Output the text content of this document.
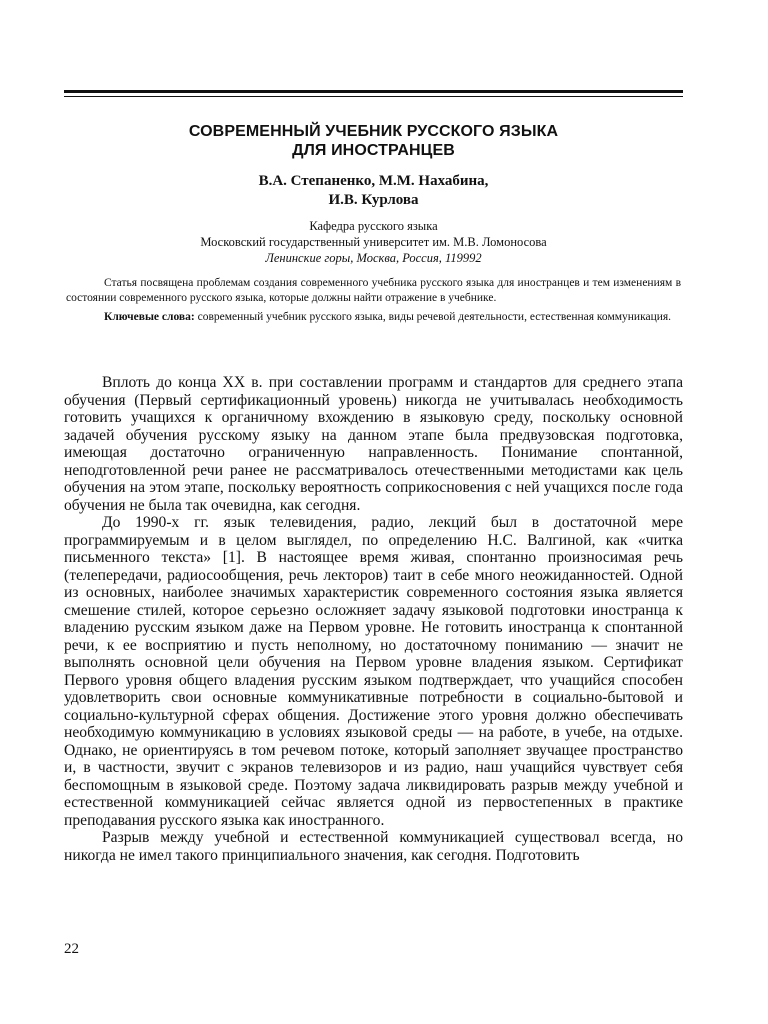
СОВРЕМЕННЫЙ УЧЕБНИК РУССКОГО ЯЗЫКА
ДЛЯ ИНОСТРАНЦЕВ
В.А. Степаненко, М.М. Нахабина,
И.В. Курлова
Кафедра русского языка
Московский государственный университет им. М.В. Ломоносова
Ленинские горы, Москва, Россия, 119992

Статья посвящена проблемам создания современного учебника русского языка для иностранцев и тем изменениям в состоянии современного русского языка, которые должны найти отражение в учебнике.

Ключевые слова: современный учебник русского языка, виды речевой деятельности, естественная коммуникация.

Вплоть до конца XX в. при составлении программ и стандартов для среднего этапа обучения (Первый сертификационный уровень) никогда не учитывалась необходимость готовить учащихся к органичному вхождению в языковую среду, поскольку основной задачей обучения русскому языку на данном этапе была предвузовская подготовка, имеющая достаточно ограниченную направленность. Понимание спонтанной, неподготовленной речи ранее не рассматривалось отечественными методистами как цель обучения на этом этапе, поскольку вероятность соприкосновения с ней учащихся после года обучения не была так очевидна, как сегодня.

До 1990-х гг. язык телевидения, радио, лекций был в достаточной мере программируемым и в целом выглядел, по определению Н.С. Валгиной, как «читка письменного текста» [1]. В настоящее время живая, спонтанно произносимая речь (телепередачи, радиосообщения, речь лекторов) таит в себе много неожиданностей. Одной из основных, наиболее значимых характеристик современного состояния языка является смешение стилей, которое серьезно осложняет задачу языковой подготовки иностранца к владению русским языком даже на Первом уровне. Не готовить иностранца к спонтанной речи, к ее восприятию и пусть неполному, но достаточному пониманию — значит не выполнять основной цели обучения на Первом уровне владения языком. Сертификат Первого уровня общего владения русским языком подтверждает, что учащийся способен удовлетворить свои основные коммуникативные потребности в социально-бытовой и социально-культурной сферах общения. Достижение этого уровня должно обеспечивать необходимую коммуникацию в условиях языковой среды — на работе, в учебе, на отдыхе. Однако, не ориентируясь в том речевом потоке, который заполняет звучащее пространство и, в частности, звучит с экранов телевизоров и из радио, наш учащийся чувствует себя беспомощным в языковой среде. Поэтому задача ликвидировать разрыв между учебной и естественной коммуникацией сейчас является одной из первостепенных в практике преподавания русского языка как иностранного.

Разрыв между учебной и естественной коммуникацией существовал всегда, но никогда не имел такого принципиального значения, как сегодня. Подготовить

22
